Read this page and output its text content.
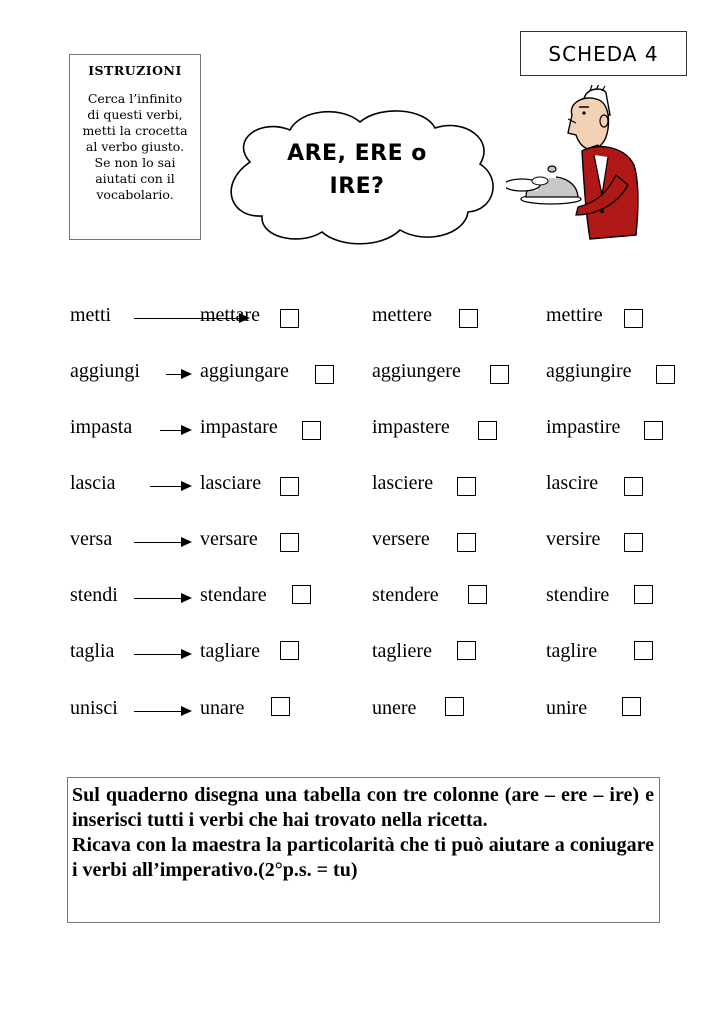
ISTRUZIONI
Cerca l’infinito
di questi verbi,
metti la crocetta
al verbo giusto.
Se non lo sai
aiutati con il
vocabolario.
SCHEDA 4
ARE, ERE o
IRE?
metti	mettare	mettere	mettire
aggiungi	aggiungare	aggiungere	aggiungire
impasta	impastare	impastere	impastire
lascia	lasciare	lasciere	lascire
versa	versare	versere	versire
stendi	stendare	stendere	stendire
taglia	tagliare	tagliere	taglire
unisci	unare	unere	unire

Sul quaderno disegna una tabella con tre colonne (are – ere – ire) e inserisci tutti i verbi che hai trovato nella ricetta.

Ricava con la maestra la particolarità che ti può aiutare a coniugare i verbi all’imperativo.(2°p.s. = tu)
